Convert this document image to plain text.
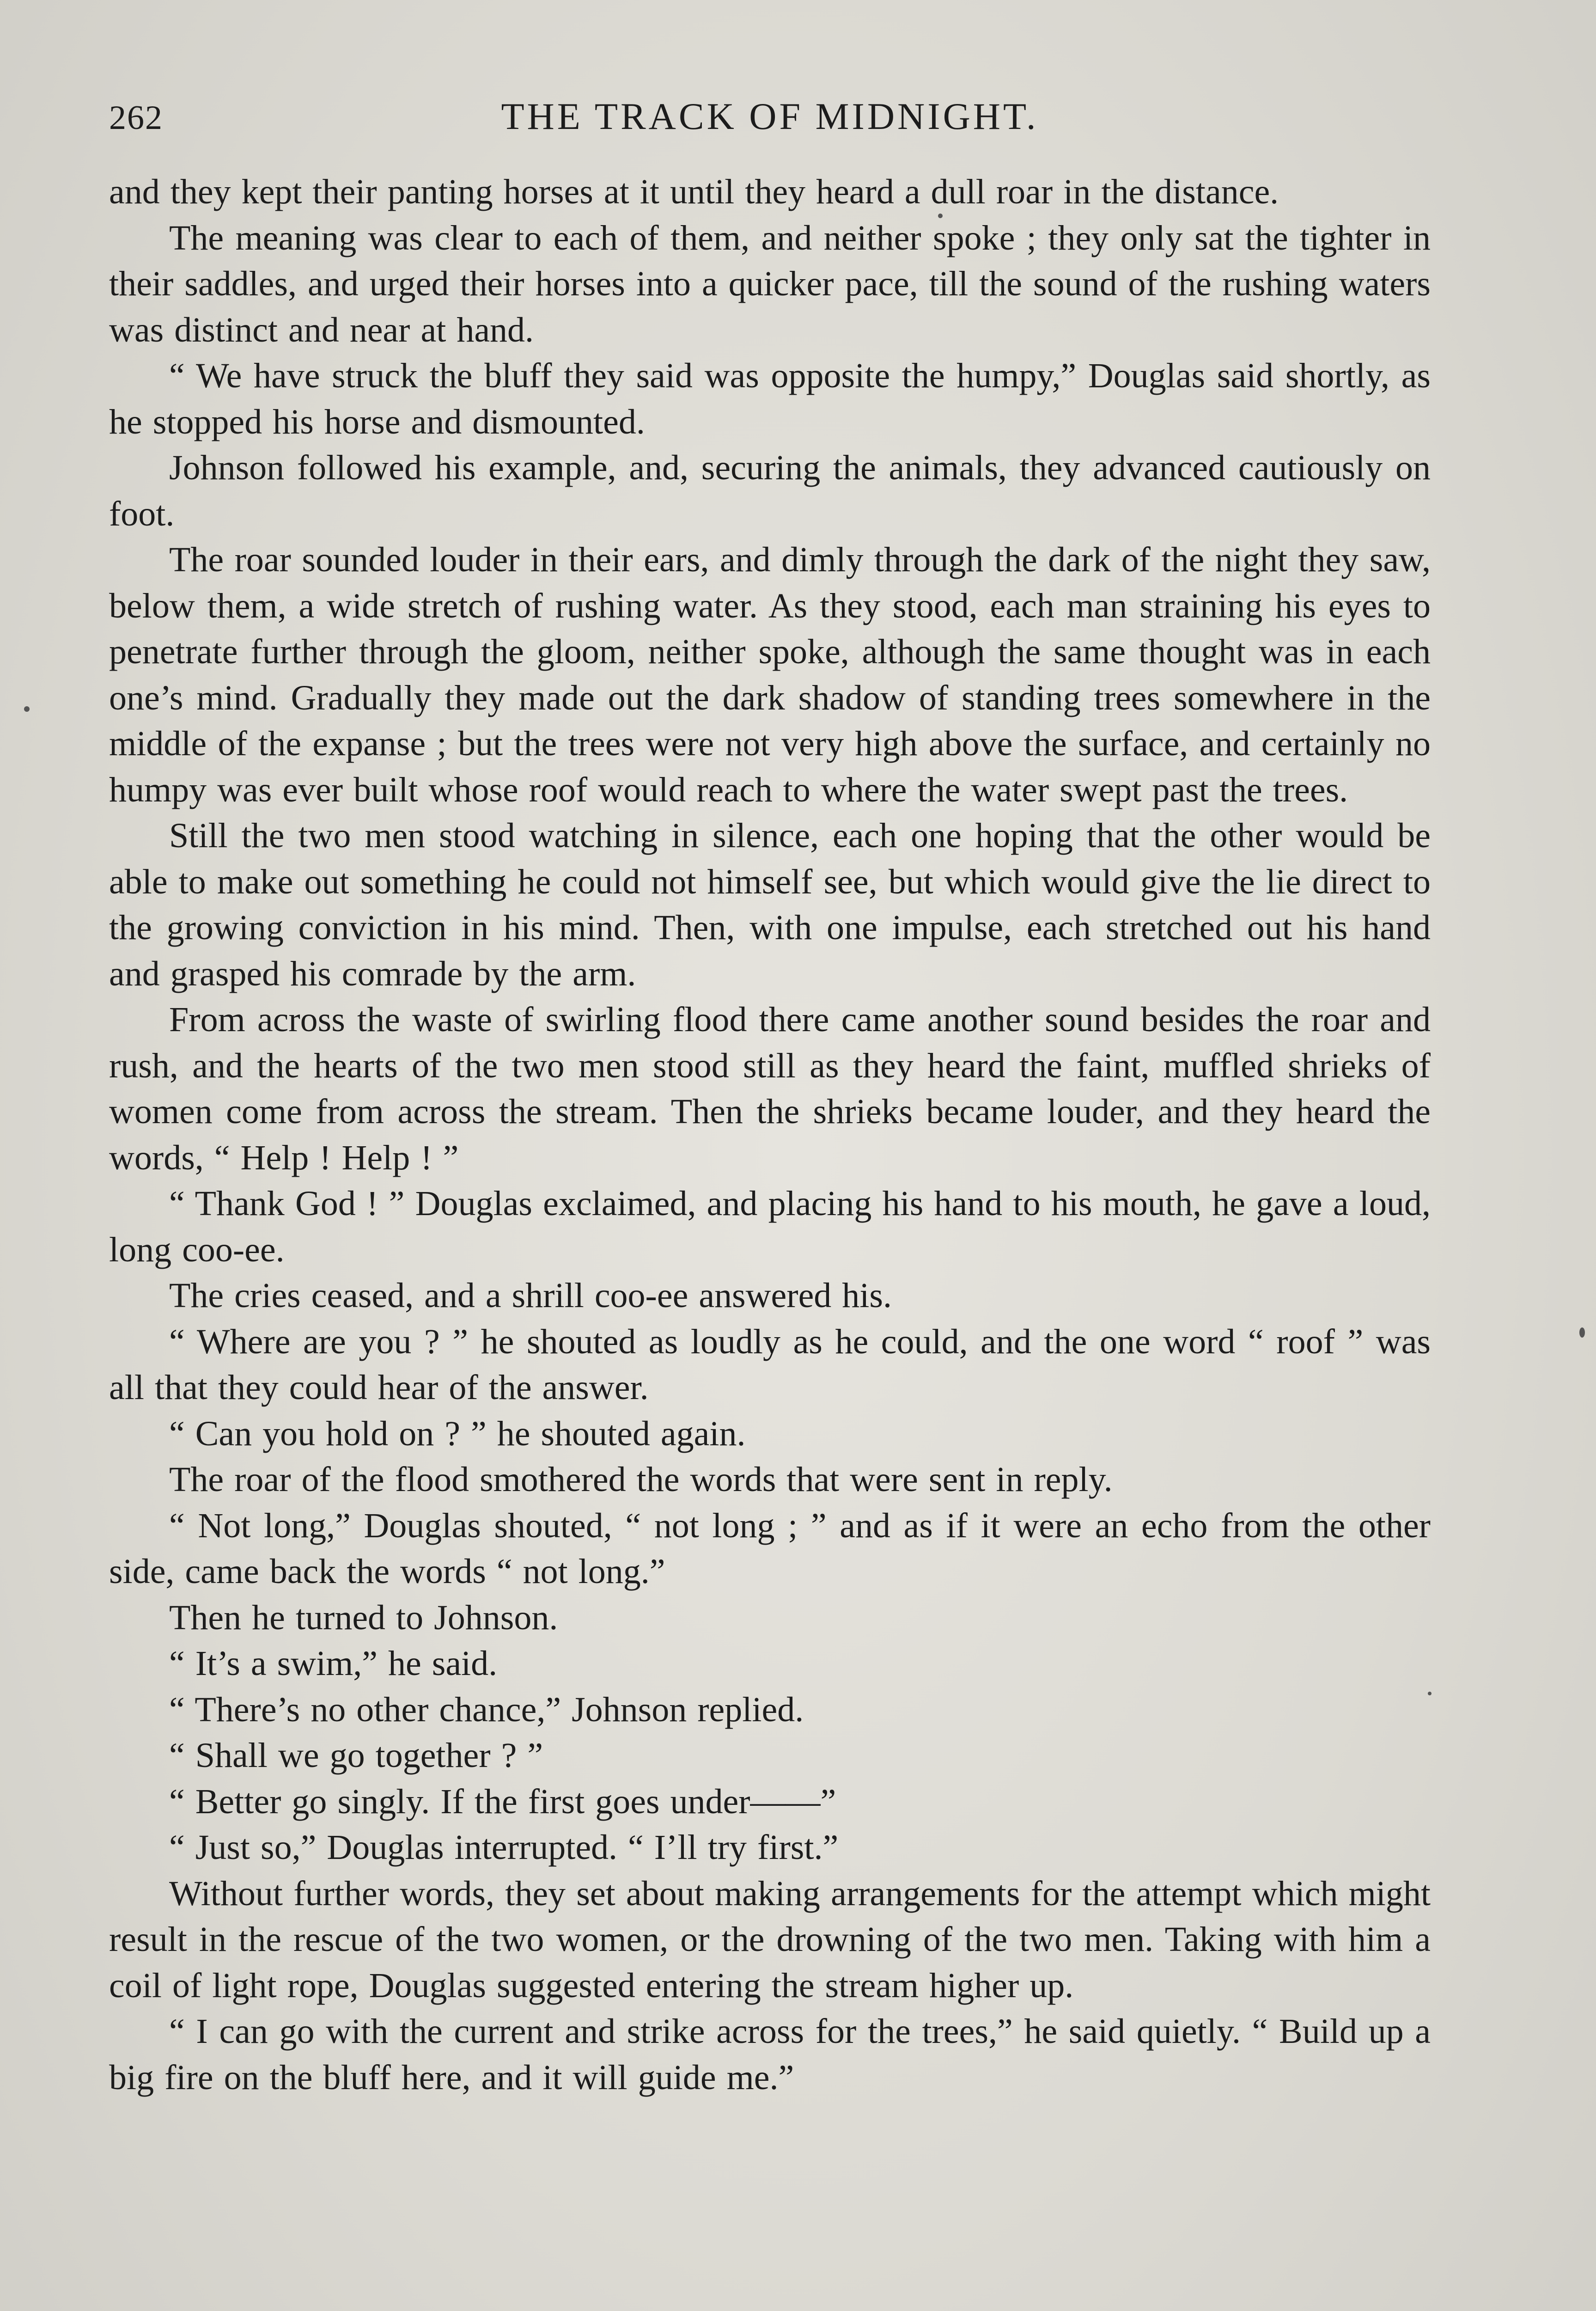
262	THE TRACK OF MIDNIGHT.

and they kept their panting horses at it until they heard a dull roar in the distance.

The meaning was clear to each of them, and neither spoke ; they only sat the tighter in their saddles, and urged their horses into a quicker pace, till the sound of the rushing waters was distinct and near at hand.

“ We have struck the bluff they said was opposite the humpy,” Douglas said shortly, as he stopped his horse and dismounted.

Johnson followed his example, and, securing the animals, they advanced cautiously on foot.

The roar sounded louder in their ears, and dimly through the dark of the night they saw, below them, a wide stretch of rushing water. As they stood, each man straining his eyes to penetrate further through the gloom, neither spoke, although the same thought was in each one’s mind. Gradually they made out the dark shadow of standing trees somewhere in the middle of the expanse ; but the trees were not very high above the surface, and certainly no humpy was ever built whose roof would reach to where the water swept past the trees.

Still the two men stood watching in silence, each one hoping that the other would be able to make out something he could not himself see, but which would give the lie direct to the growing conviction in his mind. Then, with one impulse, each stretched out his hand and grasped his comrade by the arm.

From across the waste of swirling flood there came another sound besides the roar and rush, and the hearts of the two men stood still as they heard the faint, muffled shrieks of women come from across the stream. Then the shrieks became louder, and they heard the words, “ Help ! Help ! ”

“ Thank God ! ” Douglas exclaimed, and placing his hand to his mouth, he gave a loud, long coo-ee.

The cries ceased, and a shrill coo-ee answered his.

“ Where are you ? ” he shouted as loudly as he could, and the one word “ roof ” was all that they could hear of the answer.

“ Can you hold on ? ” he shouted again.

The roar of the flood smothered the words that were sent in reply.

“ Not long,” Douglas shouted, “ not long ; ” and as if it were an echo from the other side, came back the words “ not long.”

Then he turned to Johnson.

“ It’s a swim,” he said.

“ There’s no other chance,” Johnson replied.

“ Shall we go together ? ”

“ Better go singly. If the first goes under——”

“ Just so,” Douglas interrupted. “ I’ll try first.”

Without further words, they set about making arrangements for the attempt which might result in the rescue of the two women, or the drowning of the two men. Taking with him a coil of light rope, Douglas suggested entering the stream higher up.

“ I can go with the current and strike across for the trees,” he said quietly. “ Build up a big fire on the bluff here, and it will guide me.”
